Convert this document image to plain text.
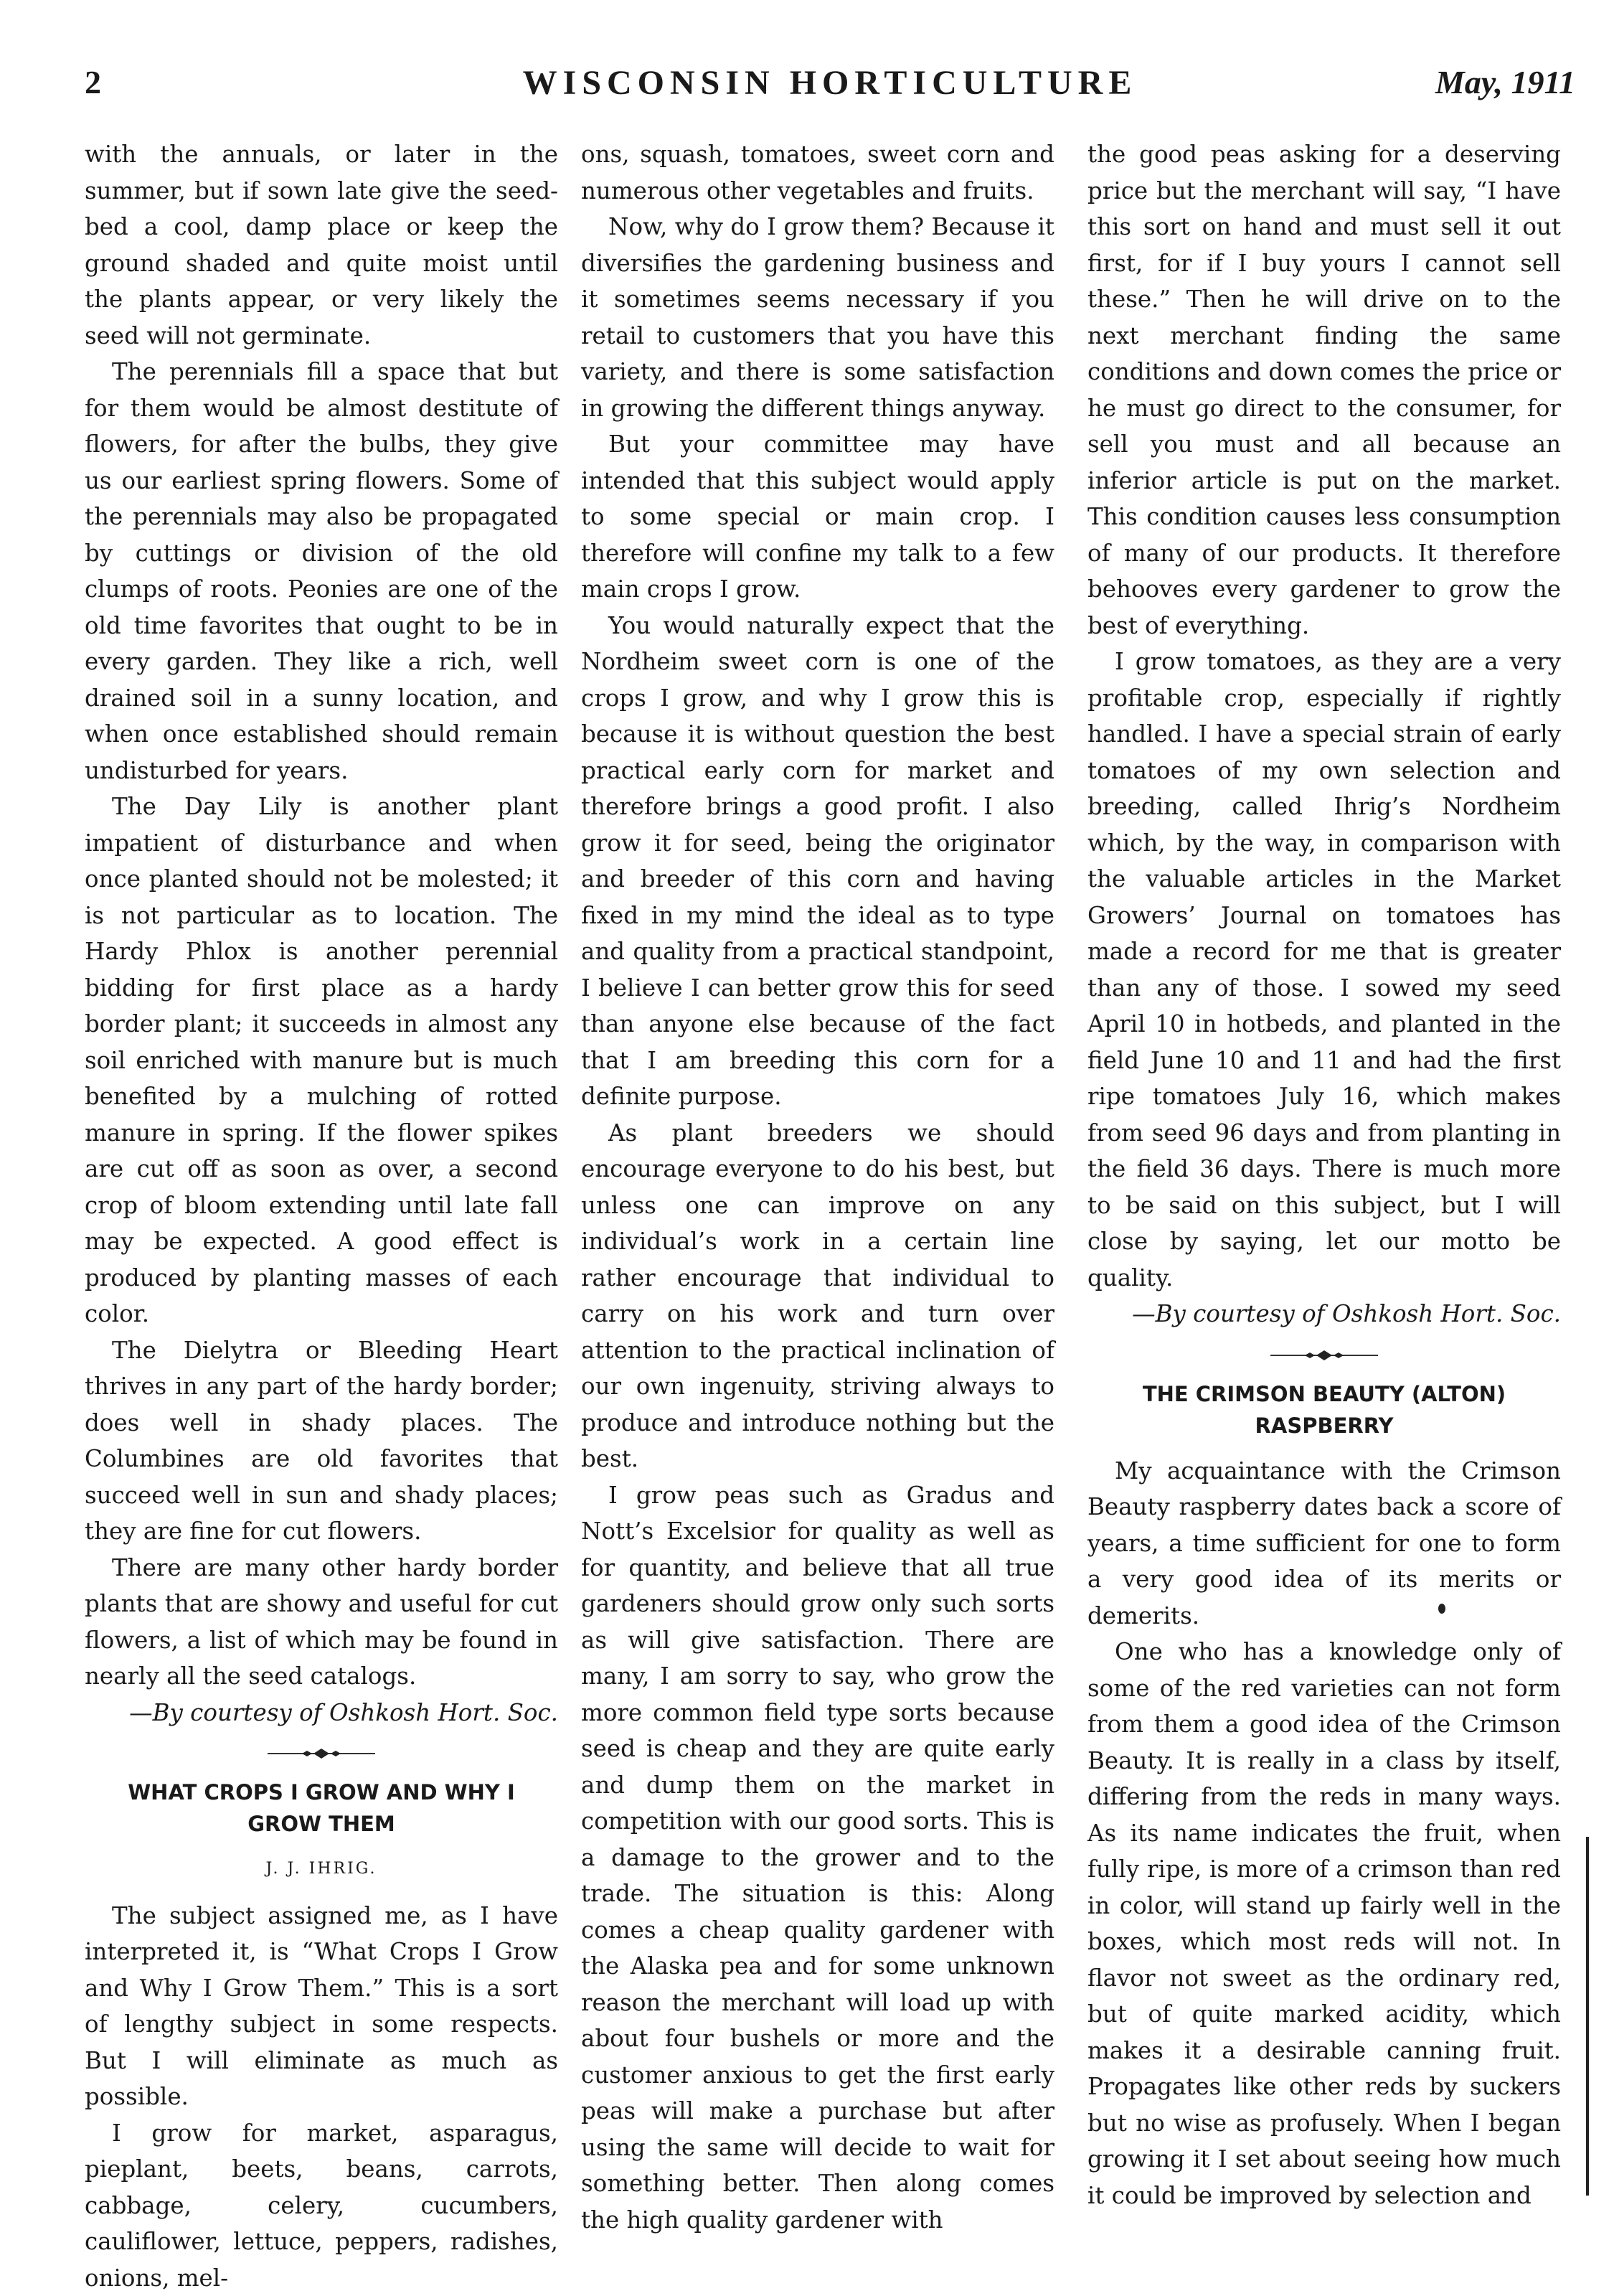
2	WISCONSIN HORTICULTURE	May, 1911

with the annuals, or later in the summer, but if sown late give the seed-bed a cool, damp place or keep the ground shaded and quite moist until the plants appear, or very likely the seed will not germinate.

The perennials fill a space that but for them would be almost destitute of flowers, for after the bulbs, they give us our earliest spring flowers. Some of the perennials may also be propagated by cuttings or division of the old clumps of roots. Peonies are one of the old time favorites that ought to be in every garden. They like a rich, well drained soil in a sunny location, and when once established should remain undisturbed for years.

The Day Lily is another plant impatient of disturbance and when once planted should not be molested; it is not particular as to location. The Hardy Phlox is another perennial bidding for first place as a hardy border plant; it succeeds in almost any soil enriched with manure but is much benefited by a mulching of rotted manure in spring. If the flower spikes are cut off as soon as over, a second crop of bloom extending until late fall may be expected. A good effect is produced by planting masses of each color.

The Dielytra or Bleeding Heart thrives in any part of the hardy border; does well in shady places. The Columbines are old favorites that succeed well in sun and shady places; they are fine for cut flowers.

There are many other hardy border plants that are showy and useful for cut flowers, a list of which may be found in nearly all the seed catalogs.

—By courtesy of Oshkosh Hort. Soc.

WHAT CROPS I GROW AND WHY I GROW THEM
J. J. IHRIG.

The subject assigned me, as I have interpreted it, is “What Crops I Grow and Why I Grow Them.” This is a sort of lengthy subject in some respects. But I will eliminate as much as possible.

I grow for market, asparagus, pieplant, beets, beans, carrots, cabbage, celery, cucumbers, cauliflower, lettuce, peppers, radishes, onions, mel-

ons, squash, tomatoes, sweet corn and numerous other vegetables and fruits.

Now, why do I grow them? Because it diversifies the gardening business and it sometimes seems necessary if you retail to customers that you have this variety, and there is some satisfaction in growing the different things anyway.

But your committee may have intended that this subject would apply to some special or main crop. I therefore will confine my talk to a few main crops I grow.

You would naturally expect that the Nordheim sweet corn is one of the crops I grow, and why I grow this is because it is without question the best practical early corn for market and therefore brings a good profit. I also grow it for seed, being the originator and breeder of this corn and having fixed in my mind the ideal as to type and quality from a practical standpoint, I believe I can better grow this for seed than anyone else because of the fact that I am breeding this corn for a definite purpose.

As plant breeders we should encourage everyone to do his best, but unless one can improve on any individual’s work in a certain line rather encourage that individual to carry on his work and turn over attention to the practical inclination of our own ingenuity, striving always to produce and introduce nothing but the best.

I grow peas such as Gradus and Nott’s Excelsior for quality as well as for quantity, and believe that all true gardeners should grow only such sorts as will give satisfaction. There are many, I am sorry to say, who grow the more common field type sorts because seed is cheap and they are quite early and dump them on the market in competition with our good sorts. This is a damage to the grower and to the trade. The situation is this: Along comes a cheap quality gardener with the Alaska pea and for some unknown reason the merchant will load up with about four bushels or more and the customer anxious to get the first early peas will make a purchase but after using the same will decide to wait for something better. Then along comes the high quality gardener with

the good peas asking for a deserving price but the merchant will say, “I have this sort on hand and must sell it out first, for if I buy yours I cannot sell these.” Then he will drive on to the next merchant finding the same conditions and down comes the price or he must go direct to the consumer, for sell you must and all because an inferior article is put on the market. This condition causes less consumption of many of our products. It therefore behooves every gardener to grow the best of everything.

I grow tomatoes, as they are a very profitable crop, especially if rightly handled. I have a special strain of early tomatoes of my own selection and breeding, called Ihrig’s Nordheim which, by the way, in comparison with the valuable articles in the Market Growers’ Journal on tomatoes has made a record for me that is greater than any of those. I sowed my seed April 10 in hotbeds, and planted in the field June 10 and 11 and had the first ripe tomatoes July 16, which makes from seed 96 days and from planting in the field 36 days. There is much more to be said on this subject, but I will close by saying, let our motto be quality.

—By courtesy of Oshkosh Hort. Soc.

THE CRIMSON BEAUTY (ALTON) RASPBERRY

My acquaintance with the Crimson Beauty raspberry dates back a score of years, a time sufficient for one to form a very good idea of its merits or demerits.

One who has a knowledge only of some of the red varieties can not form from them a good idea of the Crimson Beauty. It is really in a class by itself, differing from the reds in many ways. As its name indicates the fruit, when fully ripe, is more of a crimson than red in color, will stand up fairly well in the boxes, which most reds will not. In flavor not sweet as the ordinary red, but of quite marked acidity, which makes it a desirable canning fruit. Propagates like other reds by suckers but no wise as profusely. When I began growing it I set about seeing how much it could be improved by selection and
